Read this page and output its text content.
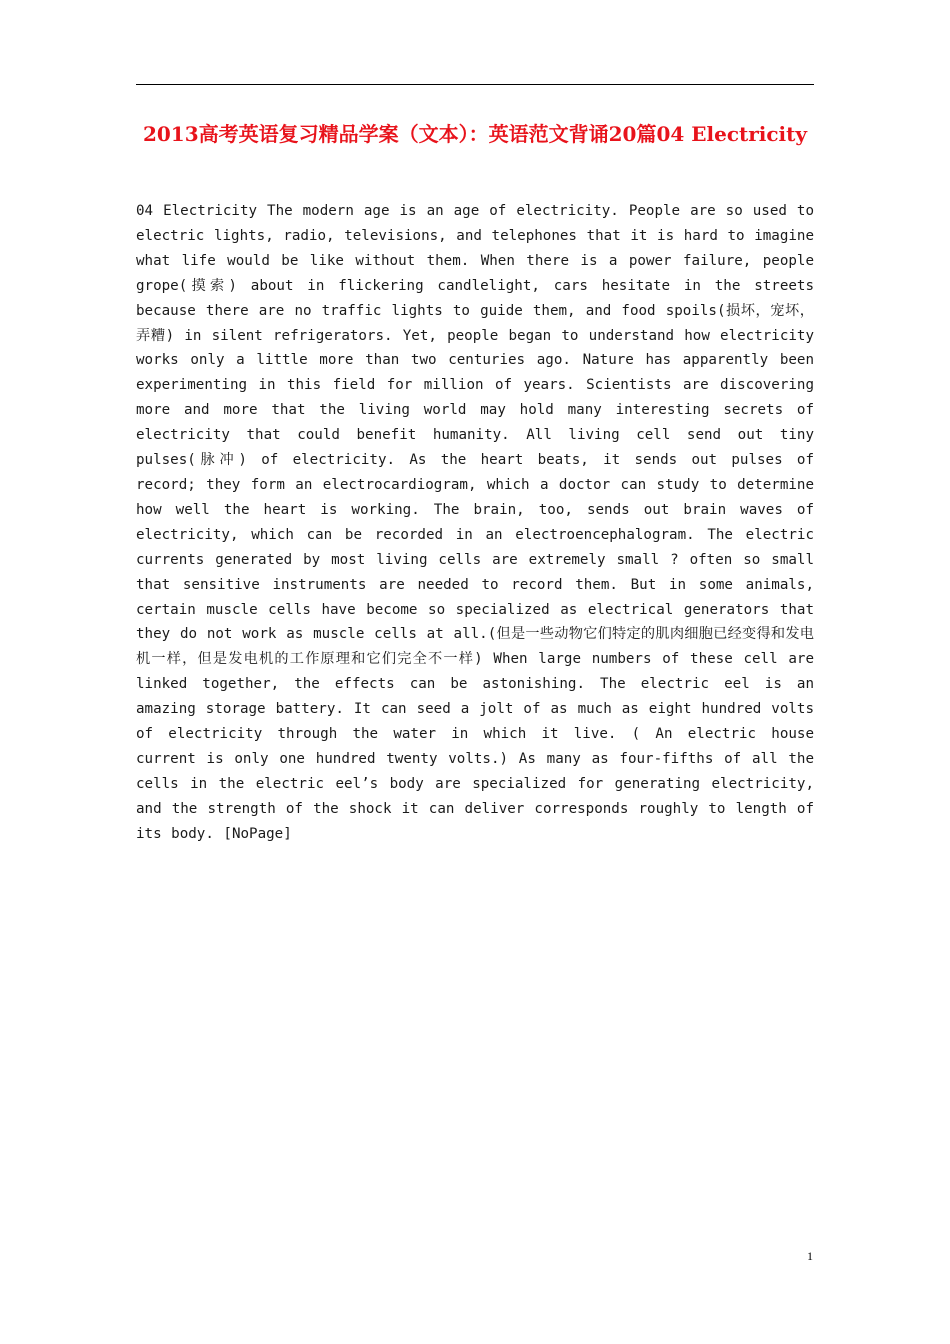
2013高考英语复习精品学案（文本）：英语范文背诵20篇04 Electricity

04 Electricity The modern age is an age of electricity. People are so used to electric lights, radio, televisions, and telephones that it is hard to imagine what life would be like without them. When there is a power failure, people grope(摸索) about in flickering candlelight, cars hesitate in the streets because there are no traffic lights to guide them, and food spoils(损坏，宠坏，弄糟) in silent refrigerators. Yet, people began to understand how electricity works only a little more than two centuries ago. Nature has apparently been experimenting in this field for million of years. Scientists are discovering more and more that the living world may hold many interesting secrets of electricity that could benefit humanity. All living cell send out tiny pulses(脉冲) of electricity. As the heart beats, it sends out pulses of record; they form an electrocardiogram, which a doctor can study to determine how well the heart is working. The brain, too, sends out brain waves of electricity, which can be recorded in an electroencephalogram. The electric currents generated by most living cells are extremely small ? often so small that sensitive instruments are needed to record them. But in some animals, certain muscle cells have become so specialized as electrical generators that they do not work as muscle cells at all.(但是一些动物它们特定的肌肉细胞已经变得和发电机一样，但是发电机的工作原理和它们完全不一样) When large numbers of these cell are linked together, the effects can be astonishing. The electric eel is an amazing storage battery. It can seed a jolt of as much as eight hundred volts of electricity through the water in which it live. ( An electric house current is only one hundred twenty volts.) As many as four-fifths of all the cells in the electric eel’s body are specialized for generating electricity, and the strength of the shock it can deliver corresponds roughly to length of its body. [NoPage]

1
